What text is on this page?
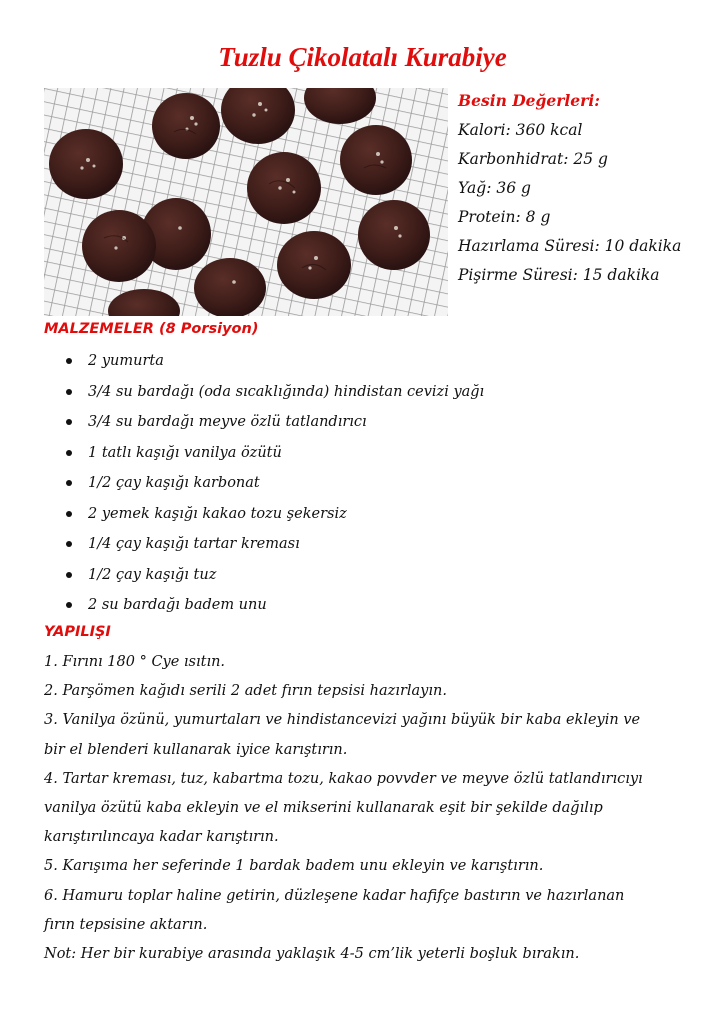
Tuzlu Çikolatalı Kurabiye
Besin Değerleri:
Kalori: 360 kcal
Karbonhidrat: 25 g
Yağ: 36 g
Protein: 8 g
Hazırlama Süresi: 10 dakika
Pişirme Süresi: 15 dakika
MALZEMELER (8 Porsiyon)
2 yumurta
3/4 su bardağı (oda sıcaklığında) hindistan cevizi yağı
3/4 su bardağı meyve özlü tatlandırıcı
1 tatlı kaşığı vanilya özütü
1/2 çay kaşığı karbonat
2 yemek kaşığı kakao tozu şekersiz
1/4 çay kaşığı tartar kreması
1/2 çay kaşığı tuz
2 su bardağı badem unu
YAPILIŞI
1. Fırını 180 ° Cye ısıtın.
2. Parşömen kağıdı serili 2 adet fırın tepsisi hazırlayın.
3. Vanilya özünü, yumurtaları ve hindistancevizi yağını büyük bir kaba ekleyin ve
bir el blenderi kullanarak iyice karıştırın.
4. Tartar kreması, tuz, kabartma tozu, kakao povvder ve meyve özlü tatlandırıcıyı
vanilya özütü kaba ekleyin ve el mikserini kullanarak eşit bir şekilde dağılıp
karıştırılıncaya kadar karıştırın.
5. Karışıma her seferinde 1 bardak badem unu ekleyin ve karıştırın.
6. Hamuru toplar haline getirin, düzleşene kadar hafifçe bastırın ve hazırlanan
fırın tepsisine aktarın.
Not: Her bir kurabiye arasında yaklaşık 4-5 cm’lik yeterli boşluk bırakın.
